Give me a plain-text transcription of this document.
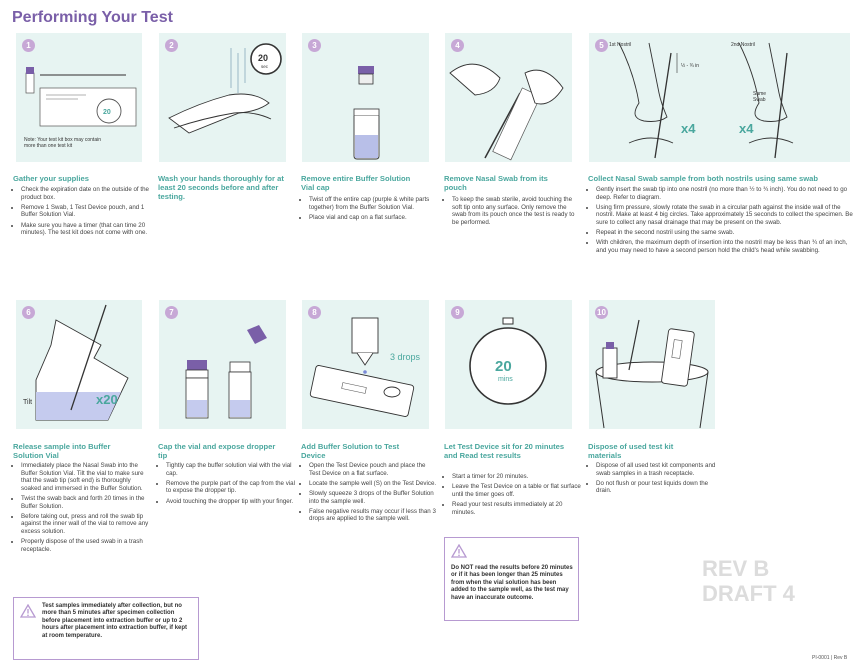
Performing Your Test
1
20
Note: Your test kit box may contain more than one test kit
2
20
sec
3	4	5	1st Nostril	2nd Nostril
½ - ¾ in
Same Swab
x4	x4
Gather your supplies
• Check the expiration date on the outside of the product box.
• Remove 1 Swab, 1 Test Device pouch, and 1 Buffer Solution Vial.
• Make sure you have a timer (that can time 20 minutes). The test kit does not come with one.
Wash your hands thoroughly for at least 20 seconds before and after testing.
Remove entire Buffer Solution Vial cap
• Twist off the entire cap (purple & white parts together) from the Buffer Solution Vial.
• Place vial and cap on a flat surface.
Remove Nasal Swab from its pouch
• To keep the swab sterile, avoid touching the soft tip onto any surface. Only remove the swab from its pouch once the test is ready to be performed.
Collect Nasal Swab sample from both nostrils using same swab
• Gently insert the swab tip into one nostril (no more than ½ to ¾ inch). You do not need to go deep. Refer to diagram.
• Using firm pressure, slowly rotate the swab in a circular path against the inside wall of the nostril. Make at least 4 big circles. Take approximately 15 seconds to collect the specimen. Be sure to collect any nasal drainage that may be present on the swab.
• Repeat in the second nostril using the same swab.
• With children, the maximum depth of insertion into the nostril may be less than ¾ of an inch, and you may need to have a second person hold the child's head while swabbing.
6
Tilt	x20
7	8
3 drops
9
20
mins
10
Release sample into Buffer Solution Vial
• Immediately place the Nasal Swab into the Buffer Solution Vial. Tilt the vial to make sure that the swab tip (soft end) is thoroughly soaked and immersed in the Buffer Solution.
• Twist the swab back and forth 20 times in the Buffer Solution.
• Before taking out, press and roll the swab tip against the inner wall of the vial to remove any excess solution.
• Properly dispose of the used swab in a trash receptacle.
Cap the vial and expose dropper tip
• Tightly cap the buffer solution vial with the vial cap.
• Remove the purple part of the cap from the vial to expose the dropper tip.
• Avoid touching the dropper tip with your finger.
Add Buffer Solution to Test Device
• Open the Test Device pouch and place the Test Device on a flat surface.
• Locate the sample well (S) on the Test Device.
• Slowly squeeze 3 drops of the Buffer Solution into the sample well.
• False negative results may occur if less than 3 drops are applied to the sample well.
Let Test Device sit for 20 minutes and Read test results
• Start a timer for 20 minutes.
• Leave the Test Device on a table or flat surface until the timer goes off.
• Read your test results immediately at 20 minutes.
Dispose of used test kit materials
• Dispose of all used test kit components and swab samples in a trash receptacle.
• Do not flush or pour test liquids down the drain.
Test samples immediately after collection, but no more than 5 minutes after specimen collection before placement into extraction buffer or up to 2 hours after placement into extraction buffer, if kept at room temperature.
Do NOT read the results before 20 minutes or if it has been longer than 25 minutes from when the vial solution has been added to the sample well, as the test may have an inaccurate outcome.
REV B
DRAFT 4
PI-0001 | Rev B
